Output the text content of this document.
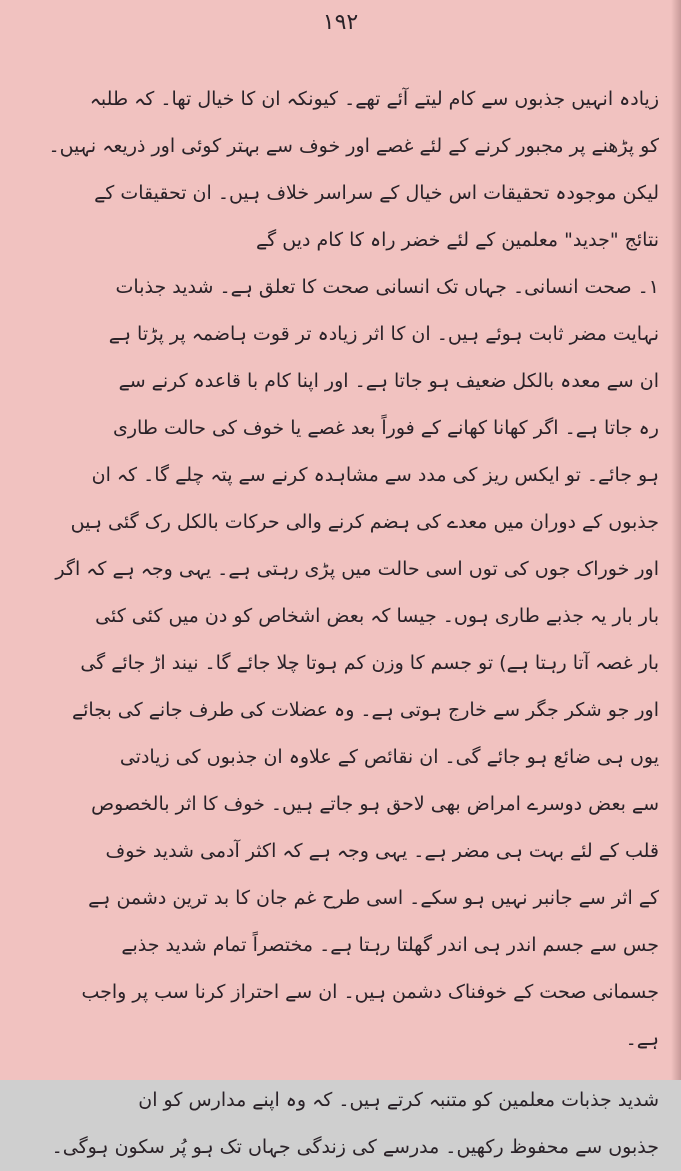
۱۹۲
زیادہ انہیں جذبوں سے کام لیتے آئے تھے۔ کیونکہ ان کا خیال تھا۔ کہ طلبہ
کو پڑھنے پر مجبور کرنے کے لئے غصے اور خوف سے بہتر کوئی اور ذریعہ نہیں۔
لیکن موجودہ تحقیقات اس خیال کے سراسر خلاف ہیں۔ ان تحقیقات کے
نتائج "جدید" معلمین کے لئے خضر راہ کا کام دیں گے
۱۔ صحت انسانی۔ جہاں تک انسانی صحت کا تعلق ہے۔ شدید جذبات
نہایت مضر ثابت ہوئے ہیں۔ ان کا اثر زیادہ تر قوت ہاضمہ پر پڑتا ہے
ان سے معدہ بالکل ضعیف ہو جاتا ہے۔ اور اپنا کام با قاعدہ کرنے سے
رہ جاتا ہے۔ اگر کھانا کھانے کے فوراً بعد غصے یا خوف کی حالت طاری
ہو جائے۔ تو ایکس ریز کی مدد سے مشاہدہ کرنے سے پتہ چلے گا۔ کہ ان
جذبوں کے دوران میں معدے کی ہضم کرنے والی حرکات بالکل رک گئی ہیں
اور خوراک جوں کی توں اسی حالت میں پڑی رہتی ہے۔ یہی وجہ ہے کہ اگر
بار بار یہ جذبے طاری ہوں۔ جیسا کہ بعض اشخاص کو دن میں کئی کئی
بار غصہ آتا رہتا ہے) تو جسم کا وزن کم ہوتا چلا جائے گا۔ نیند اڑ جائے گی
اور جو شکر جگر سے خارج ہوتی ہے۔ وہ عضلات کی طرف جانے کی بجائے
یوں ہی ضائع ہو جائے گی۔ ان نقائص کے علاوہ ان جذبوں کی زیادتی
سے بعض دوسرے امراض بھی لاحق ہو جاتے ہیں۔ خوف کا اثر بالخصوص
قلب کے لئے بہت ہی مضر ہے۔ یہی وجہ ہے کہ اکثر آدمی شدید خوف
کے اثر سے جانبر نہیں ہو سکے۔ اسی طرح غم جان کا بد ترین دشمن ہے
جس سے جسم اندر ہی اندر گھلتا رہتا ہے۔ مختصراً تمام شدید جذبے
جسمانی صحت کے خوفناک دشمن ہیں۔ ان سے احتراز کرنا سب پر واجب
ہے۔
شدید جذبات معلمین کو متنبہ کرتے ہیں۔ کہ وہ اپنے مدارس کو ان
جذبوں سے محفوظ رکھیں۔ مدرسے کی زندگی جہاں تک ہو پُر سکون ہوگی۔
